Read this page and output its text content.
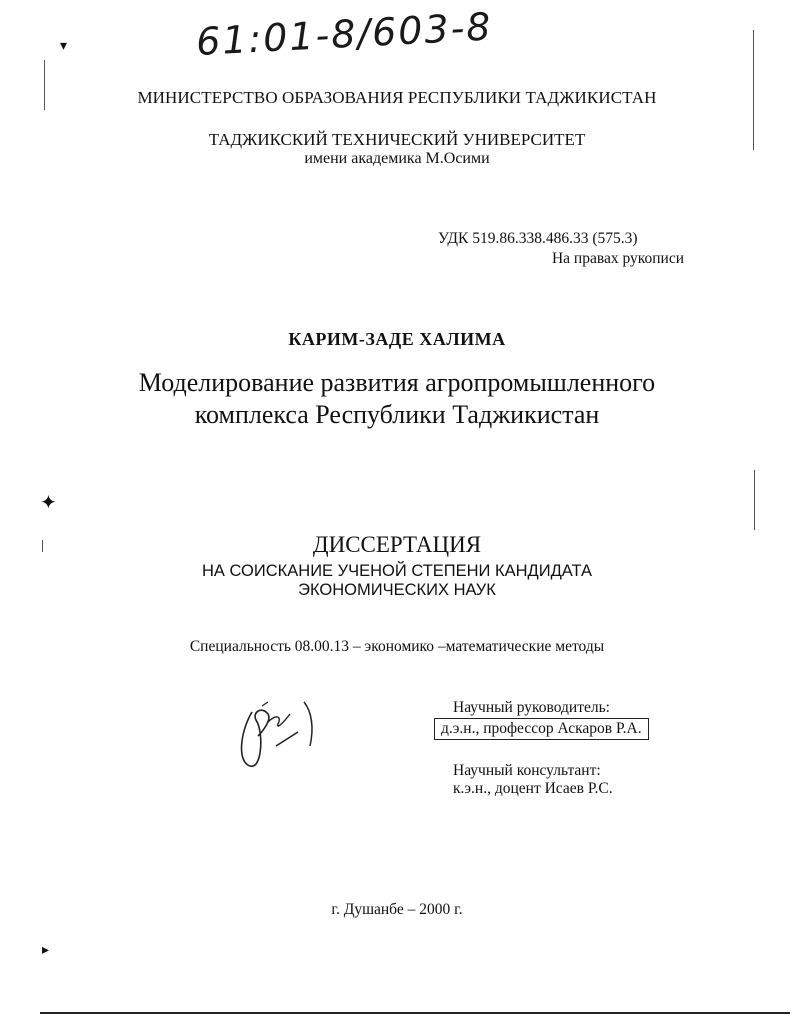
61:01-8/603-8
МИНИСТЕРСТВО ОБРАЗОВАНИЯ РЕСПУБЛИКИ ТАДЖИКИСТАН
ТАДЖИКСКИЙ ТЕХНИЧЕСКИЙ УНИВЕРСИТЕТ
имени академика М.Осими
УДК 519.86.338.486.33 (575.3)
На правах рукописи
КАРИМ-ЗАДЕ ХАЛИМА
Моделирование развития агропромышленного
комплекса Республики Таджикистан
ДИССЕРТАЦИЯ
НА СОИСКАНИЕ УЧЕНОЙ СТЕПЕНИ КАНДИДАТА
ЭКОНОМИЧЕСКИХ НАУК
Специальность 08.00.13 – экономико –математические методы
Научный руководитель:
д.э.н., профессор Аскаров Р.А.
Научный консультант:
к.э.н., доцент Исаев Р.С.
г. Душанбе – 2000 г.
▾
✦
▸
